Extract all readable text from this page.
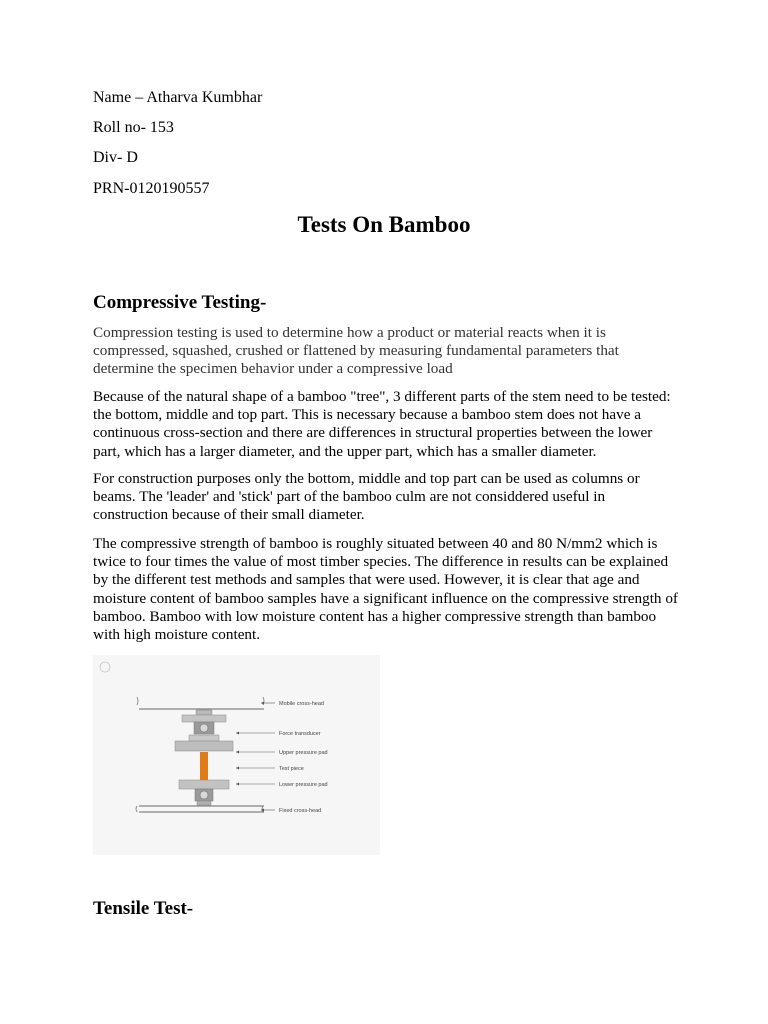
Name – Atharva Kumbhar
Roll no- 153
Div- D
PRN-0120190557
Tests On Bamboo
Compressive Testing-
Compression testing is used to determine how a product or material reacts when it is compressed, squashed, crushed or flattened by measuring fundamental parameters that determine the specimen behavior under a compressive load
Because of the natural shape of a bamboo "tree", 3 different parts of the stem need to be tested: the bottom, middle and top part. This is necessary because a bamboo stem does not have a continuous cross-section and there are differences in structural properties between the lower part, which has a larger diameter, and the upper part, which has a smaller diameter.
For construction purposes only the bottom, middle and top part can be used as columns or beams. The 'leader' and 'stick' part of the bamboo culm are not considdered useful in construction because of their small diameter.
The compressive strength of bamboo is roughly situated between 40 and 80 N/mm2 which is twice to four times the value of most timber species. The difference in results can be explained by the different test methods and samples that were used. However, it is clear that age and moisture content of bamboo samples have a significant influence on the compressive strength of bamboo. Bamboo with low moisture content has a higher compressive strength than bamboo with high moisture content.
Mobile cross-head
Force transducer
Upper pressure pad
Test piece
Lower pressure pad
Fixed cross-head
Tensile Test-
